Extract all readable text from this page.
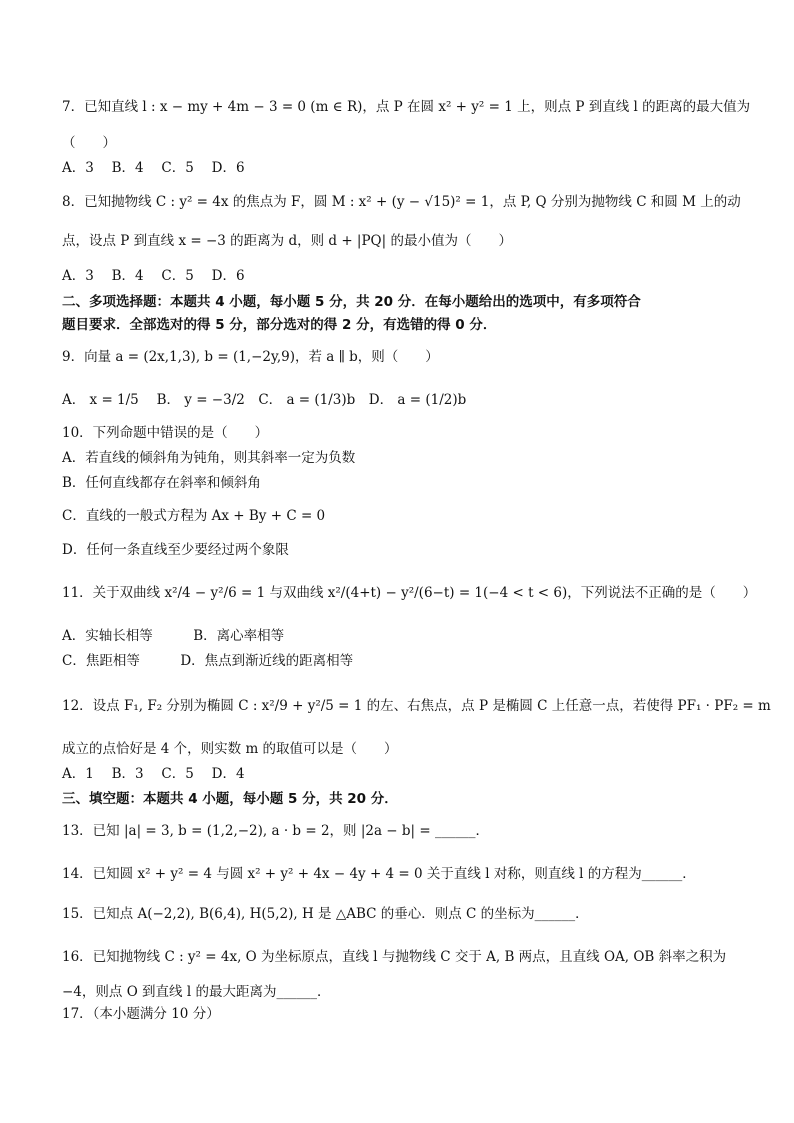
7．已知直线 l : x − my + 4m − 3 = 0 (m ∈ R)，点 P 在圆 x² + y² = 1 上，则点 P 到直线 l 的距离的最大值为
（　　）
A．3　 B．4　 C．5　 D．6
8．已知抛物线 C : y² = 4x 的焦点为 F，圆 M : x² + (y − √15)² = 1，点 P, Q 分别为抛物线 C 和圆 M 上的动
点，设点 P 到直线 x = −3 的距离为 d，则 d + |PQ| 的最小值为（　　）
A．3　 B．4　 C．5　 D．6
二、多项选择题：本题共 4 小题，每小题 5 分，共 20 分．在每小题给出的选项中，有多项符合
题目要求．全部选对的得 5 分，部分选对的得 2 分，有选错的得 0 分．
9．向量 a = (2x,1,3), b = (1,−2y,9)，若 a ∥ b，则（　　）
A． x = 1/5　 B． y = −3/2　C． a = (1/3)b　D． a = (1/2)b
10．下列命题中错误的是（　　）
A．若直线的倾斜角为钝角，则其斜率一定为负数
B．任何直线都存在斜率和倾斜角
C．直线的一般式方程为 Ax + By + C = 0
D．任何一条直线至少要经过两个象限
11．关于双曲线 x²/4 − y²/6 = 1 与双曲线 x²/(4+t) − y²/(6−t) = 1(−4 < t < 6)，下列说法不正确的是（　　）
A．实轴长相等　　　B．离心率相等
C．焦距相等　　　D．焦点到渐近线的距离相等
12．设点 F₁, F₂ 分别为椭圆 C : x²/9 + y²/5 = 1 的左、右焦点，点 P 是椭圆 C 上任意一点，若使得 PF₁ · PF₂ = m
成立的点恰好是 4 个，则实数 m 的取值可以是（　　）
A．1　 B．3　 C．5　 D．4
三、填空题：本题共 4 小题，每小题 5 分，共 20 分．
13．已知 |a| = 3, b = (1,2,−2), a · b = 2，则 |2a − b| = ______．
14．已知圆 x² + y² = 4 与圆 x² + y² + 4x − 4y + 4 = 0 关于直线 l 对称，则直线 l 的方程为______．
15．已知点 A(−2,2), B(6,4), H(5,2), H 是 △ABC 的垂心．则点 C 的坐标为______．
16．已知抛物线 C : y² = 4x, O 为坐标原点，直线 l 与抛物线 C 交于 A, B 两点，且直线 OA, OB 斜率之积为
−4，则点 O 到直线 l 的最大距离为______．
17．（本小题满分 10 分）
